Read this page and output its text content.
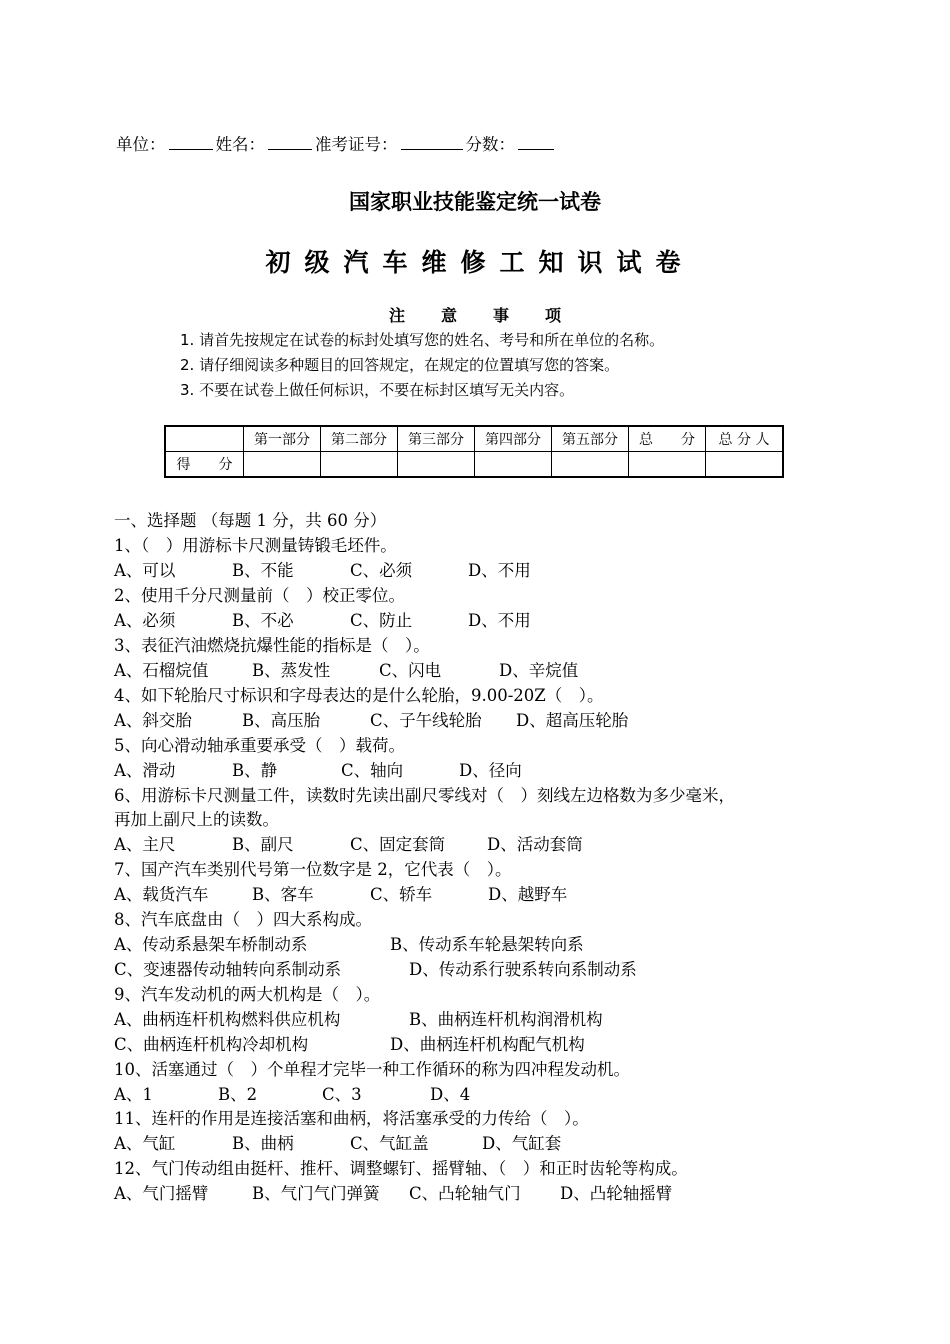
单位：	姓名：	准考证号：	分数：
国家职业技能鉴定统一试卷
初级汽车维修工知识试卷
注意事项
1. 请首先按规定在试卷的标封处填写您的姓名、考号和所在单位的名称。
2. 请仔细阅读多种题目的回答规定，在规定的位置填写您的答案。
3. 不要在试卷上做任何标识，不要在标封区填写无关内容。
	第一部分	第二部分	第三部分	第四部分	第五部分	总　　分	总 分 人
得　　分							
一、选择题 （每题 1 分，共 60 分）
1、（　）用游标卡尺测量铸锻毛坯件。
A、可以	B、不能	C、必须	D、不用
2、使用千分尺测量前（　）校正零位。
A、必须	B、不必	C、防止	D、不用
3、表征汽油燃烧抗爆性能的指标是（　）。
A、石榴烷值	B、蒸发性	C、闪电	D、辛烷值
4、如下轮胎尺寸标识和字母表达的是什么轮胎，9.00-20Z（　）。
A、斜交胎	B、高压胎	C、子午线轮胎 D、超高压轮胎
5、向心滑动轴承重要承受（　）载荷。
A、滑动	B、静	C、轴向	D、径向
6、用游标卡尺测量工件，读数时先读出副尺零线对（　）刻线左边格数为多少毫米，
再加上副尺上的读数。
A、主尺	B、副尺	C、固定套筒	D、活动套筒
7、国产汽车类别代号第一位数字是 2，它代表（　）。
A、载货汽车	B、客车	C、轿车	D、越野车
8、汽车底盘由（　）四大系构成。
A、传动系悬架车桥制动系	B、传动系车轮悬架转向系
C、变速器传动轴转向系制动系	D、传动系行驶系转向系制动系
9、汽车发动机的两大机构是（　）。
A、曲柄连杆机构燃料供应机构	B、曲柄连杆机构润滑机构
C、曲柄连杆机构冷却机构	D、曲柄连杆机构配气机构
10、活塞通过（　）个单程才完毕一种工作循环的称为四冲程发动机。
A、1	B、2	C、3	D、4
11、连杆的作用是连接活塞和曲柄，将活塞承受的力传给（　）。
A、气缸	B、曲柄	C、气缸盖	D、气缸套
12、气门传动组由挺杆、推杆、调整螺钉、摇臂轴、（　）和正时齿轮等构成。
A、气门摇臂	B、气门气门弹簧 C、凸轮轴气门 D、凸轮轴摇臂
